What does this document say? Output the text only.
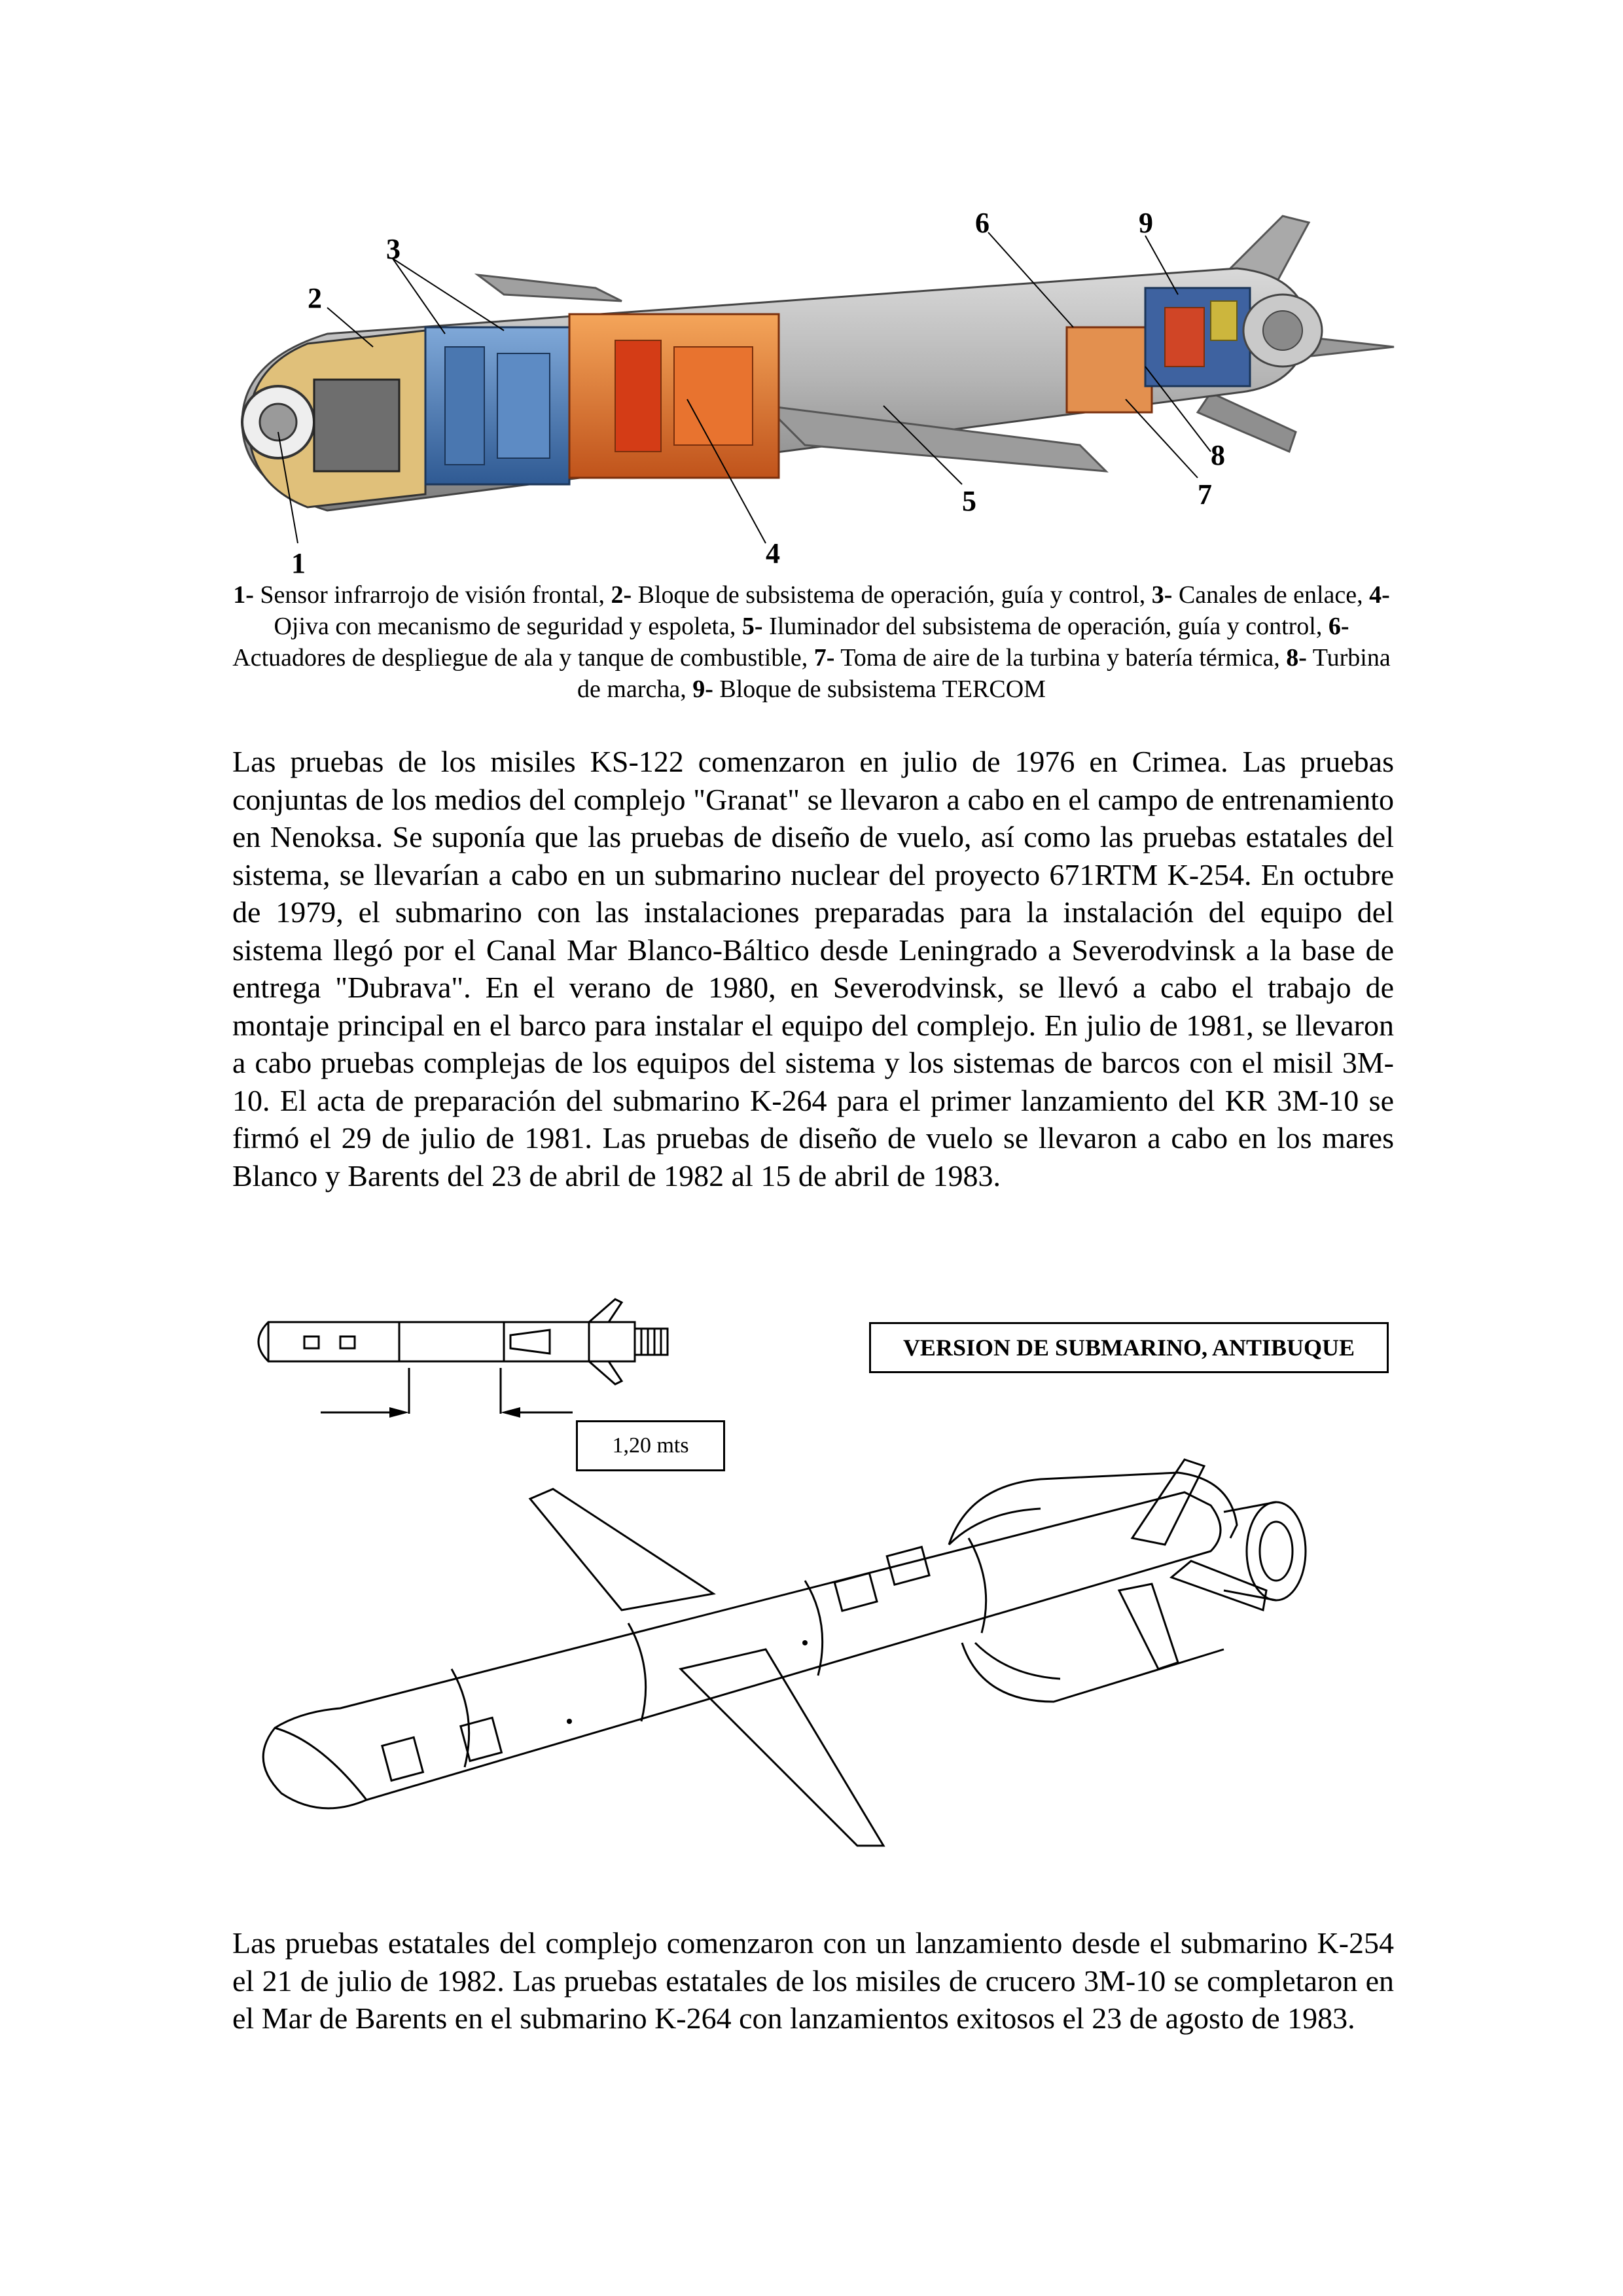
1
2
3
4
5
6
7
8
9
1- Sensor infrarrojo de visión frontal, 2- Bloque de subsistema de operación, guía y control, 3- Canales de enlace, 4- Ojiva con mecanismo de seguridad y espoleta, 5- Iluminador del subsistema de operación, guía y control, 6- Actuadores de despliegue de ala y tanque de combustible, 7- Toma de aire de la turbina y batería térmica, 8- Turbina de marcha, 9- Bloque de subsistema TERCOM
Las pruebas de los misiles KS-122 comenzaron en julio de 1976 en Crimea. Las pruebas conjuntas de los medios del complejo "Granat" se llevaron a cabo en el campo de entrenamiento en Nenoksa. Se suponía que las pruebas de diseño de vuelo, así como las pruebas estatales del sistema, se llevarían a cabo en un submarino nuclear del proyecto 671RTM K-254. En octubre de 1979, el submarino con las instalaciones preparadas para la instalación del equipo del sistema llegó por el Canal Mar Blanco-Báltico desde Leningrado a Severodvinsk a la base de entrega "Dubrava". En el verano de 1980, en Severodvinsk, se llevó a cabo el trabajo de montaje principal en el barco para instalar el equipo del complejo. En julio de 1981, se llevaron a cabo pruebas complejas de los equipos del sistema y los sistemas de barcos con el misil 3M-10. El acta de preparación del submarino K-264 para el primer lanzamiento del KR 3M-10 se firmó el 29 de julio de 1981. Las pruebas de diseño de vuelo se llevaron a cabo en los mares Blanco y Barents del 23 de abril de 1982 al 15 de abril de 1983.
VERSION DE SUBMARINO, ANTIBUQUE
1,20 mts
Las pruebas estatales del complejo comenzaron con un lanzamiento desde el submarino K-254 el 21 de julio de 1982. Las pruebas estatales de los misiles de crucero 3M-10 se completaron en el Mar de Barents en el submarino K-264 con lanzamientos exitosos el 23 de agosto de 1983.
